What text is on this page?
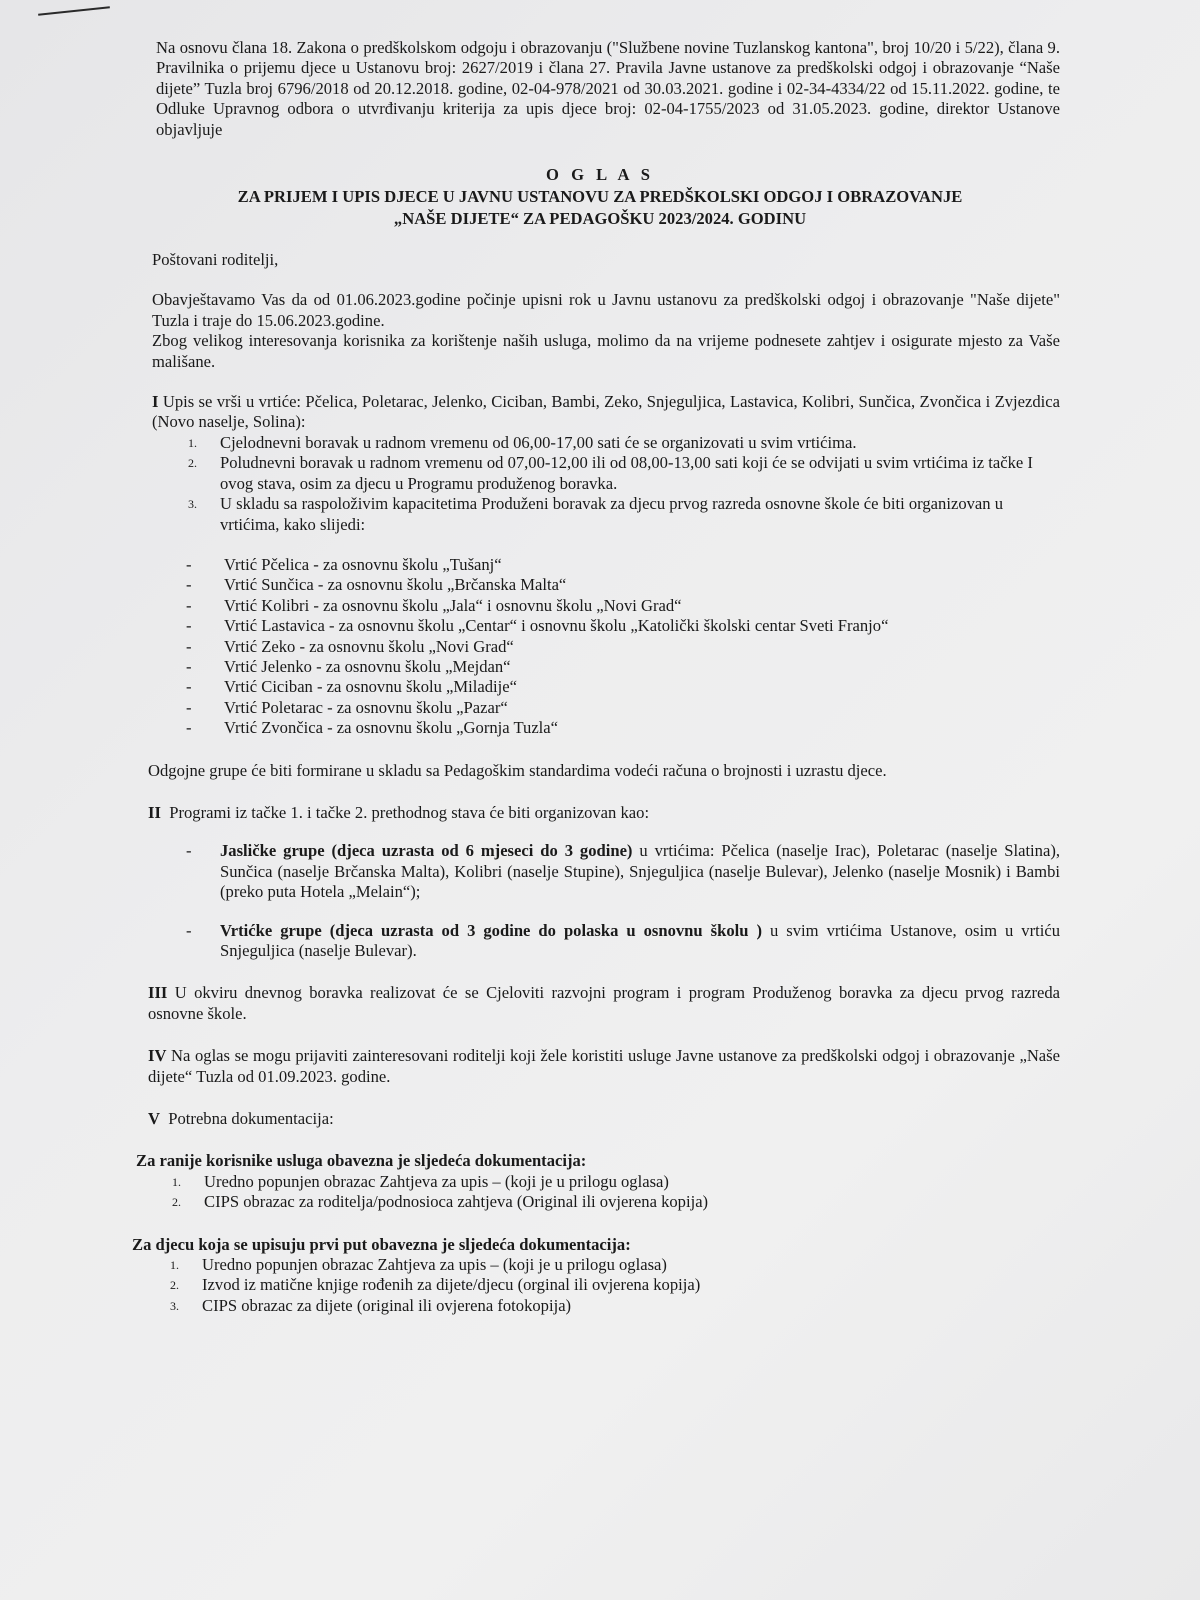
Na osnovu člana 18. Zakona o predškolskom odgoju i obrazovanju ("Službene novine Tuzlanskog kantona", broj 10/20 i 5/22), člana 9. Pravilnika o prijemu djece u Ustanovu broj: 2627/2019 i člana 27. Pravila Javne ustanove za predškolski odgoj i obrazovanje “Naše dijete” Tuzla broj 6796/2018 od 20.12.2018. godine, 02-04-978/2021 od 30.03.2021. godine i 02-34-4334/22 od 15.11.2022. godine, te Odluke Upravnog odbora o utvrđivanju kriterija za upis djece broj: 02-04-1755/2023 od 31.05.2023. godine, direktor Ustanove objavljuje

O G L A S
ZA PRIJEM I UPIS DJECE U JAVNU USTANOVU ZA PREDŠKOLSKI ODGOJ I OBRAZOVANJE
„NAŠE DIJETE“ ZA PEDAGOŠKU 2023/2024. GODINU

Poštovani roditelji,

Obavještavamo Vas da od 01.06.2023.godine počinje upisni rok u Javnu ustanovu za predškolski odgoj i obrazovanje "Naše dijete" Tuzla i traje do 15.06.2023.godine.

Zbog velikog interesovanja korisnika za korištenje naših usluga, molimo da na vrijeme podnesete zahtjev i osigurate mjesto za Vaše mališane.

I Upis se vrši u vrtiće: Pčelica, Poletarac, Jelenko, Ciciban, Bambi, Zeko, Snjeguljica, Lastavica, Kolibri, Sunčica, Zvončica i Zvjezdica (Novo naselje, Solina):

1. Cjelodnevni boravak u radnom vremenu od 06,00-17,00 sati će se organizovati u svim vrtićima.
2. Poludnevni boravak u radnom vremenu od 07,00-12,00 ili od 08,00-13,00 sati koji će se odvijati u svim vrtićima iz tačke I ovog stava, osim za djecu u Programu produženog boravka.
3. U skladu sa raspoloživim kapacitetima Produženi boravak za djecu prvog razreda osnovne škole će biti organizovan u vrtićima, kako slijedi:
- Vrtić Pčelica - za osnovnu školu „Tušanj“
- Vrtić Sunčica - za osnovnu školu „Brčanska Malta“
- Vrtić Kolibri - za osnovnu školu „Jala“ i osnovnu školu „Novi Grad“
- Vrtić Lastavica - za osnovnu školu „Centar“ i osnovnu školu „Katolički školski centar Sveti Franjo“
- Vrtić Zeko - za osnovnu školu „Novi Grad“
- Vrtić Jelenko - za osnovnu školu „Mejdan“
- Vrtić Ciciban - za osnovnu školu „Miladije“
- Vrtić Poletarac - za osnovnu školu „Pazar“
- Vrtić Zvončica - za osnovnu školu „Gornja Tuzla“

Odgojne grupe će biti formirane u skladu sa Pedagoškim standardima vodeći računa o brojnosti i uzrastu djece.

II Programi iz tačke 1. i tačke 2. prethodnog stava će biti organizovan kao:

- Jasličke grupe (djeca uzrasta od 6 mjeseci do 3 godine) u vrtićima: Pčelica (naselje Irac), Poletarac (naselje Slatina), Sunčica (naselje Brčanska Malta), Kolibri (naselje Stupine), Snjeguljica (naselje Bulevar), Jelenko (naselje Mosnik) i Bambi (preko puta Hotela „Melain“);

- Vrtićke grupe (djeca uzrasta od 3 godine do polaska u osnovnu školu ) u svim vrtićima Ustanove, osim u vrtiću Snjeguljica (naselje Bulevar).

III U okviru dnevnog boravka realizovat će se Cjeloviti razvojni program i program Produženog boravka za djecu prvog razreda osnovne škole.

IV Na oglas se mogu prijaviti zainteresovani roditelji koji žele koristiti usluge Javne ustanove za predškolski odgoj i obrazovanje „Naše dijete“ Tuzla od 01.09.2023. godine.

V Potrebna dokumentacija:

Za ranije korisnike usluga obavezna je sljedeća dokumentacija:

1. Uredno popunjen obrazac Zahtjeva za upis – (koji je u prilogu oglasa)
2. CIPS obrazac za roditelja/podnosioca zahtjeva (Original ili ovjerena kopija)

Za djecu koja se upisuju prvi put obavezna je sljedeća dokumentacija:

1. Uredno popunjen obrazac Zahtjeva za upis – (koji je u prilogu oglasa)
2. Izvod iz matične knjige rođenih za dijete/djecu (orginal ili ovjerena kopija)
3. CIPS obrazac za dijete (original ili ovjerena fotokopija)
